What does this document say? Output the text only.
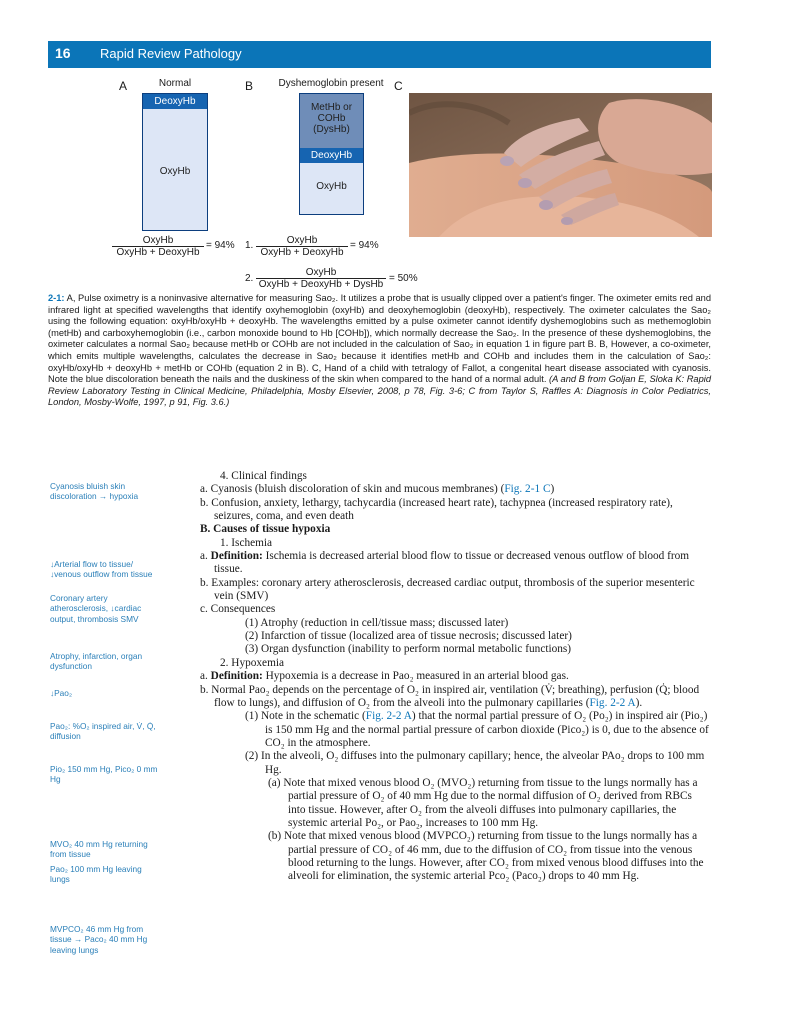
16 Rapid Review Pathology
A	Normal
DeoxyHb
OxyHb
OxyHb
OxyHb + DeoxyHb
= 94%
B	Dyshemoglobin present
MetHb or
COHb
(DysHb)
DeoxyHb
OxyHb
1.	OxyHb
OxyHb + DeoxyHb
= 94%
2.
OxyHb
OxyHb + DeoxyHb + DysHb
= 50%
C
2-1: A, Pulse oximetry is a noninvasive alternative for measuring Sao₂. It utilizes a probe that is usually clipped over a patient's finger. The oximeter emits red and infrared light at specified wavelengths that identify oxyhemoglobin (oxyHb) and deoxyhemoglobin (deoxyHb), respectively. The oximeter calculates the Sao₂ using the following equation: oxyHb/oxyHb + deoxyHb. The wavelengths emitted by a pulse oximeter cannot identify dyshemoglobins such as methemoglobin (metHb) and carboxyhemoglobin (i.e., carbon monoxide bound to Hb [COHb]), which normally decrease the Sao₂. In the presence of these dyshemoglobins, the oximeter calculates a normal Sao₂ because metHb or COHb are not included in the calculation of Sao₂ in equation 1 in figure part B. B, However, a co-oximeter, which emits multiple wavelengths, calculates the decrease in Sao₂ because it identifies metHb and COHb and includes them in the calculation of Sao₂: oxyHb/oxyHb + deoxyHb + metHb or COHb (equation 2 in B). C, Hand of a child with tetralogy of Fallot, a congenital heart disease associated with cyanosis. Note the blue discoloration beneath the nails and the duskiness of the skin when compared to the hand of a normal adult. (A and B from Goljan E, Sloka K: Rapid Review Laboratory Testing in Clinical Medicine, Philadelphia, Mosby Elsevier, 2008, p 78, Fig. 3-6; C from Taylor S, Raffles A: Diagnosis in Color Pediatrics, London, Mosby-Wolfe, 1997, p 91, Fig. 3.6.)
Cyanosis bluish skin discoloration → hypoxia
↓Arterial flow to tissue/↓venous outflow from tissue
Coronary artery atherosclerosis, ↓cardiac output, thrombosis SMV
Atrophy, infarction, organ dysfunction
↓Pao₂
Pao₂: %O₂ inspired air, V̇, Q̇, diffusion
Pio₂ 150 mm Hg, Pico₂ 0 mm Hg
MVO₂ 40 mm Hg returning from tissue
Pao₂ 100 mm Hg leaving lungs
MVPCO₂ 46 mm Hg from tissue → Paco₂ 40 mm Hg leaving lungs
4. Clinical findings
a. Cyanosis (bluish discoloration of skin and mucous membranes) (Fig. 2-1 C)
b. Confusion, anxiety, lethargy, tachycardia (increased heart rate), tachypnea (increased respiratory rate), seizures, coma, and even death
B. Causes of tissue hypoxia
1. Ischemia
a. Definition: Ischemia is decreased arterial blood flow to tissue or decreased venous outflow of blood from tissue.
b. Examples: coronary artery atherosclerosis, decreased cardiac output, thrombosis of the superior mesenteric vein (SMV)
c. Consequences
(1) Atrophy (reduction in cell/tissue mass; discussed later)
(2) Infarction of tissue (localized area of tissue necrosis; discussed later)
(3) Organ dysfunction (inability to perform normal metabolic functions)
2. Hypoxemia
a. Definition: Hypoxemia is a decrease in Pao₂ measured in an arterial blood gas.
b. Normal Pao₂ depends on the percentage of O₂ in inspired air, ventilation (V̇; breathing), perfusion (Q̇; blood flow to lungs), and diffusion of O₂ from the alveoli into the pulmonary capillaries (Fig. 2-2 A).
(1) Note in the schematic (Fig. 2-2 A) that the normal partial pressure of O₂ (Po₂) in inspired air (Pio₂) is 150 mm Hg and the normal partial pressure of carbon dioxide (Pico₂) is 0, due to the absence of CO₂ in the atmosphere.
(2) In the alveoli, O₂ diffuses into the pulmonary capillary; hence, the alveolar PAo₂ drops to 100 mm Hg.
(a) Note that mixed venous blood O₂ (MVO₂) returning from tissue to the lungs normally has a partial pressure of O₂ of 40 mm Hg due to the normal diffusion of O₂ derived from RBCs into tissue. However, after O₂ from the alveoli diffuses into pulmonary capillaries, the systemic arterial Po₂, or Pao₂, increases to 100 mm Hg.
(b) Note that mixed venous blood (MVPCO₂) returning from tissue to the lungs normally has a partial pressure of CO₂ of 46 mm, due to the diffusion of CO₂ from tissue into the venous blood returning to the lungs. However, after CO₂ from mixed venous blood diffuses into the alveoli for elimination, the systemic arterial Pco₂ (Paco₂) drops to 40 mm Hg.
